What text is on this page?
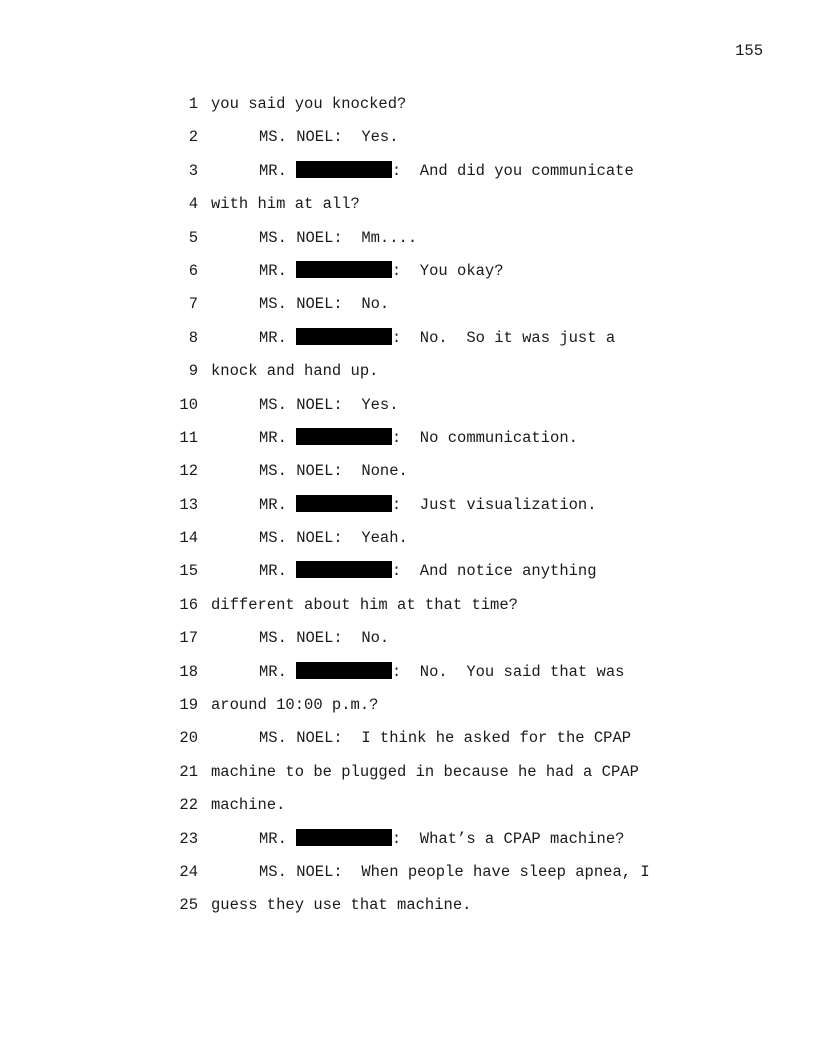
155
1 you said you knocked?
2	MS. NOEL:  Yes.
3	MR.	:  And did you communicate
4 with him at all?
5	MS. NOEL:  Mm....
6	MR.	:  You okay?
7	MS. NOEL:  No.
8	MR.	:  No.  So it was just a
9 knock and hand up.
10	MS. NOEL:  Yes.
11	MR.	:  No communication.
12	MS. NOEL:  None.
13	MR.	:  Just visualization.
14	MS. NOEL:  Yeah.
15	MR.	:  And notice anything
16 different about him at that time?
17	MS. NOEL:  No.
18	MR.	:  No.  You said that was
19 around 10:00 p.m.?
20	MS. NOEL:  I think he asked for the CPAP
21 machine to be plugged in because he had a CPAP
22 machine.
23	MR.	:  What’s a CPAP machine?
24	MS. NOEL:  When people have sleep apnea, I
25 guess they use that machine.
